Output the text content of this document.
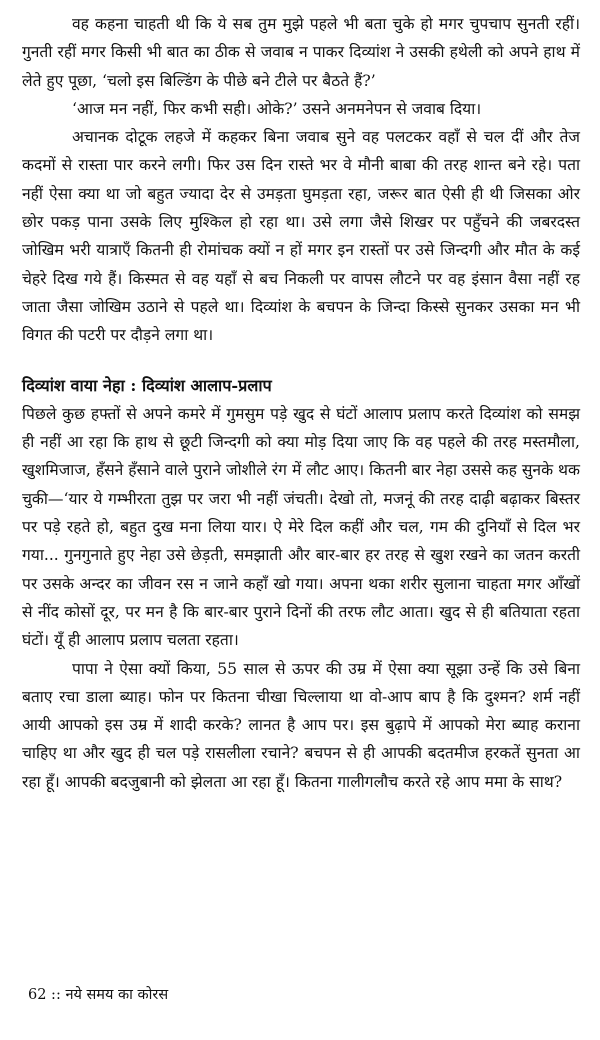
वह कहना चाहती थी कि ये सब तुम मुझे पहले भी बता चुके हो मगर चुपचाप सुनती रहीं। गुनती रहीं मगर किसी भी बात का ठीक से जवाब न पाकर दिव्यांश ने उसकी हथेली को अपने हाथ में लेते हुए पूछा, ‘चलो इस बिल्डिंग के पीछे बने टीले पर बैठते हैं?’

‘आज मन नहीं, फिर कभी सही। ओके?’ उसने अनमनेपन से जवाब दिया।

अचानक दोटूक लहजे में कहकर बिना जवाब सुने वह पलटकर वहाँ से चल दीं और तेज कदमों से रास्ता पार करने लगी। फिर उस दिन रास्ते भर वे मौनी बाबा की तरह शान्त बने रहे। पता नहीं ऐसा क्या था जो बहुत ज्यादा देर से उमड़ता घुमड़ता रहा, जरूर बात ऐसी ही थी जिसका ओर छोर पकड़ पाना उसके लिए मुश्किल हो रहा था। उसे लगा जैसे शिखर पर पहुँचने की जबरदस्त जोखिम भरी यात्राएँ कितनी ही रोमांचक क्यों न हों मगर इन रास्तों पर उसे जिन्दगी और मौत के कई चेहरे दिख गये हैं। किस्मत से वह यहाँ से बच निकली पर वापस लौटने पर वह इंसान वैसा नहीं रह जाता जैसा जोखिम उठाने से पहले था। दिव्यांश के बचपन के जिन्दा किस्से सुनकर उसका मन भी विगत की पटरी पर दौड़ने लगा था।

दिव्यांश वाया नेहा : दिव्यांश आलाप-प्रलाप

पिछले कुछ हफ्तों से अपने कमरे में गुमसुम पड़े खुद से घंटों आलाप प्रलाप करते दिव्यांश को समझ ही नहीं आ रहा कि हाथ से छूटी जिन्दगी को क्या मोड़ दिया जाए कि वह पहले की तरह मस्तमौला, खुशमिजाज, हँसने हँसाने वाले पुराने जोशीले रंग में लौट आए। कितनी बार नेहा उससे कह सुनके थक चुकी—‘यार ये गम्भीरता तुझ पर जरा भी नहीं जंचती। देखो तो, मजनूं की तरह दाढ़ी बढ़ाकर बिस्तर पर पड़े रहते हो, बहुत दुख मना लिया यार। ऐ मेरे दिल कहीं और चल, गम की दुनियाँ से दिल भर गया... गुनगुनाते हुए नेहा उसे छेड़ती, समझाती और बार-बार हर तरह से खुश रखने का जतन करती पर उसके अन्दर का जीवन रस न जाने कहाँ खो गया। अपना थका शरीर सुलाना चाहता मगर आँखों से नींद कोसों दूर, पर मन है कि बार-बार पुराने दिनों की तरफ लौट आता। खुद से ही बतियाता रहता घंटों। यूँ ही आलाप प्रलाप चलता रहता।

पापा ने ऐसा क्यों किया, 55 साल से ऊपर की उम्र में ऐसा क्या सूझा उन्हें कि उसे बिना बताए रचा डाला ब्याह। फोन पर कितना चीखा चिल्लाया था वो-आप बाप है कि दुश्मन? शर्म नहीं आयी आपको इस उम्र में शादी करके? लानत है आप पर। इस बुढ़ापे में आपको मेरा ब्याह कराना चाहिए था और खुद ही चल पड़े रासलीला रचाने? बचपन से ही आपकी बदतमीज हरकतें सुनता आ रहा हूँ। आपकी बदजुबानी को झेलता आ रहा हूँ। कितना गालीगलौच करते रहे आप ममा के साथ?

62 :: नये समय का कोरस
